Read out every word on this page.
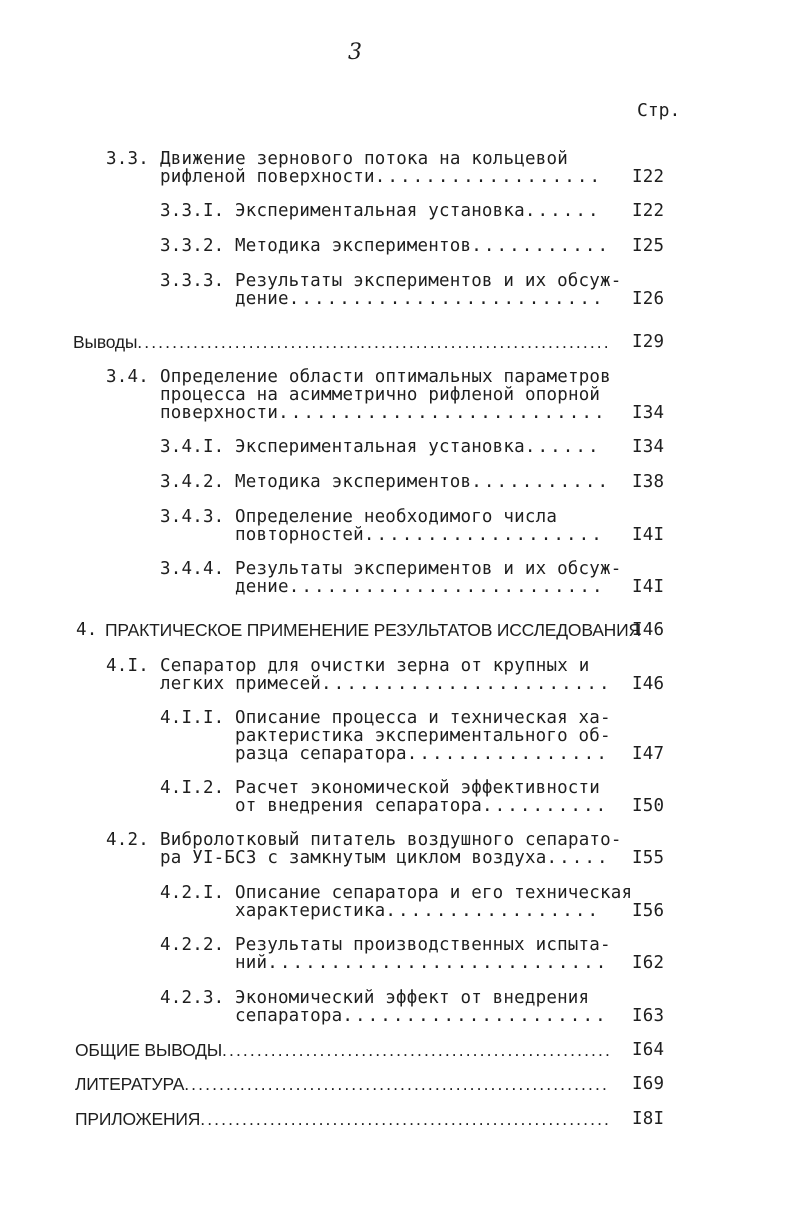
3
Стр.
3.3. Движение зернового потока на кольцевой
рифленой поверхности.................. I22
3.3.I. Экспериментальная установка...... I22
3.3.2. Методика экспериментов........... I25
3.3.3. Результаты экспериментов и их обсуж-
дение.........................	I26
Выводы.................................................................... I29
3.4. Определение области оптимальных параметров
процесса на асимметрично рифленой опорной
поверхности.......................... I34
3.4.I. Экспериментальная установка...... I34
3.4.2. Методика экспериментов........... I38
3.4.3. Определение необходимого числа
повторностей................... I4I
3.4.4. Результаты экспериментов и их обсуж-
дение.........................	I4I
4. ПРАКТИЧЕСКОЕ ПРИМЕНЕНИЕ РЕЗУЛЬТАТОВ ИССЛЕДОВАНИЯ
I46
4.I. Сепаратор для очистки зерна от крупных и
легких примесей....................... I46
4.I.I. Описание процесса и техническая ха-
рактеристика экспериментального об-
разца сепаратора................ I47
4.I.2. Расчет экономической эффективности
от внедрения сепаратора.......... I50
4.2. Вибролотковый питатель воздушного сепарато-
ра УI-БСЗ с замкнутым циклом воздуха.....	I55
4.2.I. Описание сепаратора и его техническая
характеристика.................	I56
4.2.2. Результаты производственных испыта-
ний........................... I62
4.2.3. Экономический эффект от внедрения
сепаратора..................... I63
ОБЩИЕ ВЫВОДЫ........................................................ I64
ЛИТЕРАТУРА............................................................. I69
ПРИЛОЖЕНИЯ........................................................... I8I
